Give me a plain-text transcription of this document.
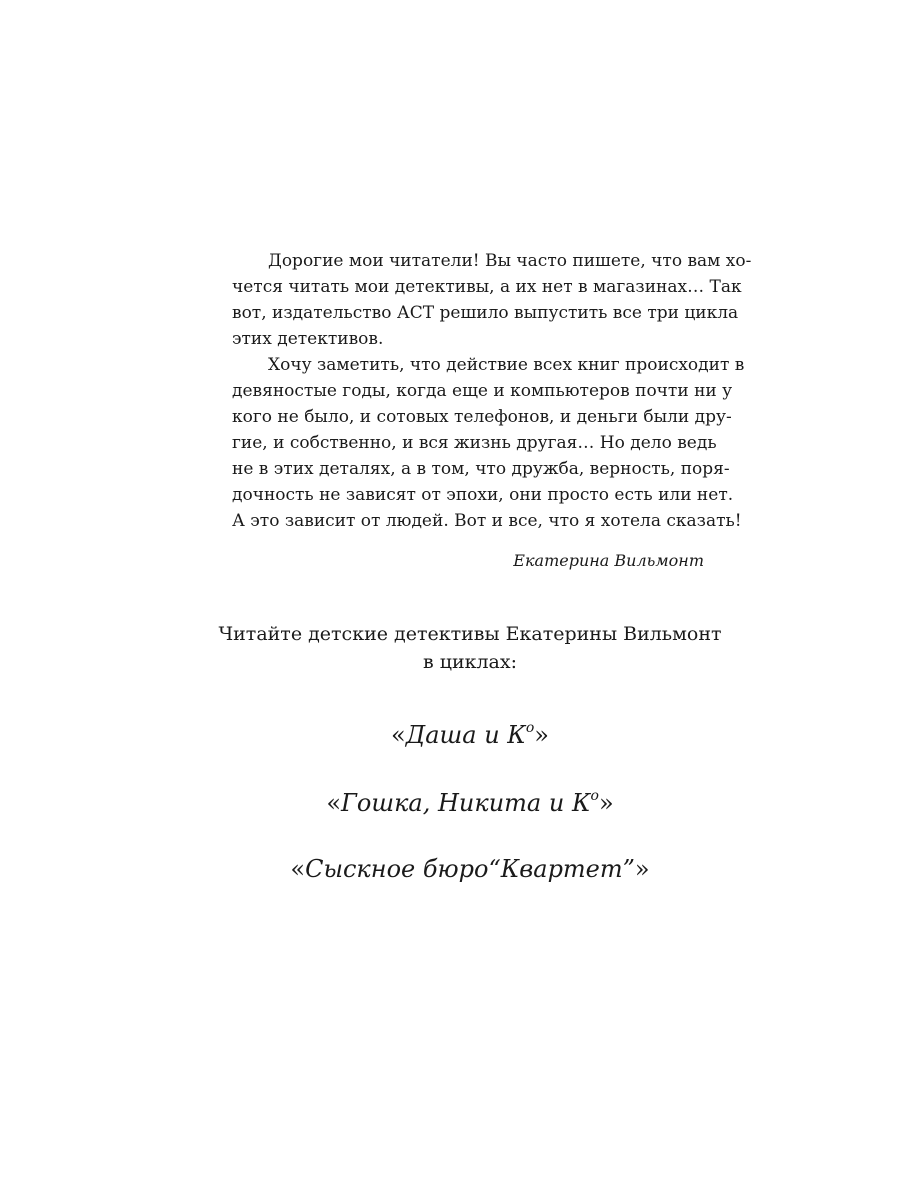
Дорогие мои читатели! Вы часто пишете, что вам хо-
чется читать мои детективы, а их нет в магазинах… Так
вот, издательство АСТ решило выпустить все три цикла
этих детективов.

Хочу заметить, что действие всех книг происходит в
девяностые годы, когда еще и компьютеров почти ни у
кого не было, и сотовых телефонов, и деньги были дру-
гие, и собственно, и вся жизнь другая… Но дело ведь
не в этих деталях, а в том, что дружба, верность, поря-
дочность не зависят от эпохи, они просто есть или нет.
А это зависит от людей. Вот и все, что я хотела сказать!

Екатерина Вильмонт
Читайте детские детективы Екатерины Вильмонт
в циклах:
«Даша и $К^о$»
«Гошка, Никита и $К^о$»
«Сыскное бюро“Квартет”»
